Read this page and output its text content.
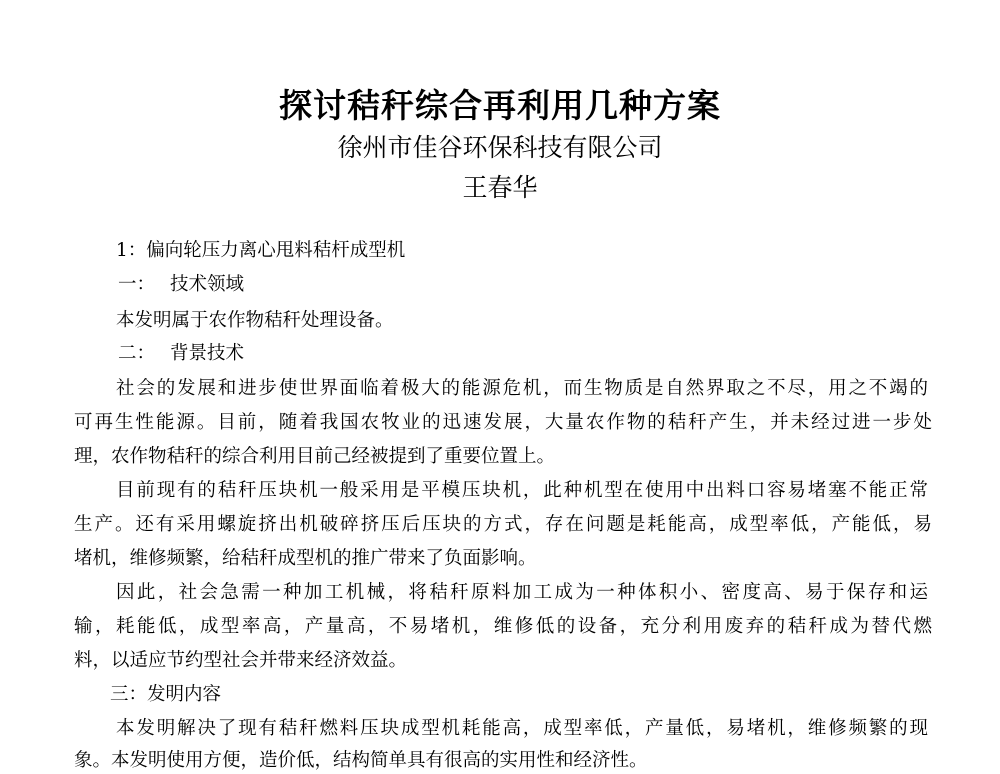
探讨秸秆综合再利用几种方案
徐州市佳谷环保科技有限公司
王春华
1：偏向轮压力离心甩料秸杆成型机
一： 技术领域
本发明属于农作物秸秆处理设备。
二： 背景技术
社会的发展和进步使世界面临着极大的能源危机，而生物质是自然界取之不尽，用之不竭的
可再生性能源。目前，随着我国农牧业的迅速发展，大量农作物的秸秆产生，并未经过进一步处
理，农作物秸秆的综合利用目前己经被提到了重要位置上。
目前现有的秸秆压块机一般采用是平模压块机，此种机型在使用中出料口容易堵塞不能正常
生产。还有采用螺旋挤出机破碎挤压后压块的方式，存在问题是耗能高，成型率低，产能低，易
堵机，维修频繁，给秸秆成型机的推广带来了负面影响。
因此，社会急需一种加工机械，将秸秆原料加工成为一种体积小、密度高、易于保存和运
输，耗能低，成型率高，产量高，不易堵机，维修低的设备，充分利用废弃的秸秆成为替代燃
料，以适应节约型社会并带来经济效益。
三：发明内容
本发明解决了现有秸秆燃料压块成型机耗能高，成型率低，产量低，易堵机，维修频繁的现
象。本发明使用方便，造价低，结构简单具有很高的实用性和经济性。
